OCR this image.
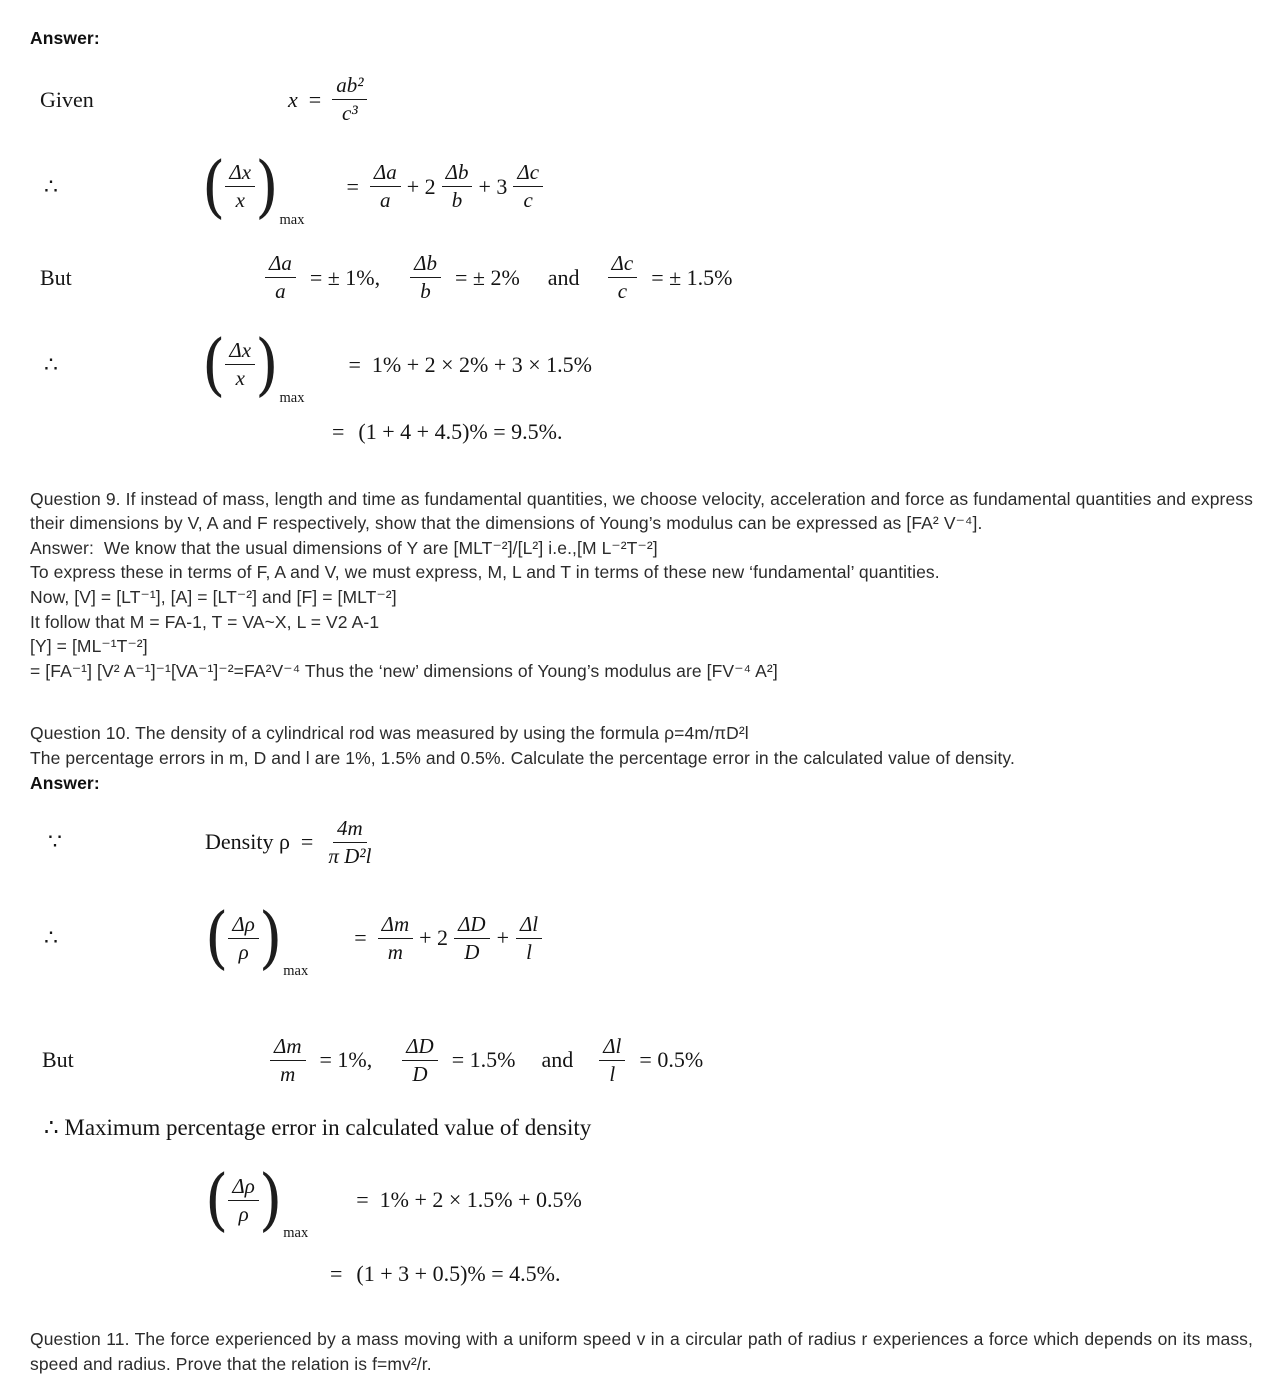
Answer:
Given	$x = \frac{\text{ab²}}{\text{c³}}$
∴	( $\frac{\Delta x}{x}$ ) max
= $\frac{\Delta a}{a} + 2 \frac{\Delta b}{b} + 3 \frac{\Delta c}{c}$
But	$\frac{\Delta a}{a}$ = ± 1%, $\frac{\Delta b}{b}$ = ± 2% and $\frac{\Delta c}{c}$ = ± 1.5%
∴	( $\frac{\Delta x}{x}$ ) max
= 1% + 2 × 2% + 3 × 1.5%
= (1 + 4 + 4.5)% = 9.5%.

Question 9. If instead of mass, length and time as fundamental quantities, we choose velocity, acceleration and force as fundamental quantities and express their dimensions by V, A and F respectively, show that the dimensions of Young’s modulus can be expressed as [FA² V⁻⁴].

Answer:  We know that the usual dimensions of Y are [MLT⁻²]/[L²] i.e.,[M L⁻²T⁻²]
To express these in terms of F, A and V, we must express, M, L and T in terms of these new ‘fundamental’ quantities.
Now, [V] = [LT⁻¹], [A] = [LT⁻²] and [F] = [MLT⁻²]
It follow that M = FA-1, T = VA~X, L = V2 A-1
[Y] = [ML⁻¹T⁻²]
= [FA⁻¹] [V² A⁻¹]⁻¹[VA⁻¹]⁻²=FA²V⁻⁴ Thus the ‘new’ dimensions of Young’s modulus are [FV⁻⁴ A²]
Question 10. The density of a cylindrical rod was measured by using the formula ρ=4m/πD²l
The percentage errors in m, D and l are 1%, 1.5% and 0.5%. Calculate the percentage error in the calculated value of density.
Answer:
∵	Density $\rho = \frac{4m}{\text{π D²l}}$
∴	( $\frac{\Delta\rho}{\rho}$ ) max
= $\frac{\Delta m}{m} + 2 \frac{\Delta D}{D} + \frac{\Delta l}{l}$
But	$\frac{\Delta m}{m} = 1\%$, $\frac{\Delta D}{D} = 1.5\%$ and $\frac{\Delta l}{l} = 0.5\%$
∴ Maximum percentage error in calculated value of density
( $\frac{\Delta\rho}{\rho}$ ) max
= 1% + 2 × 1.5% + 0.5%
= (1 + 3 + 0.5)% = 4.5%.

Question 11. The force experienced by a mass moving with a uniform speed v in a circular path of radius r experiences a force which depends on its mass, speed and radius. Prove that the relation is f=mv²/r.
